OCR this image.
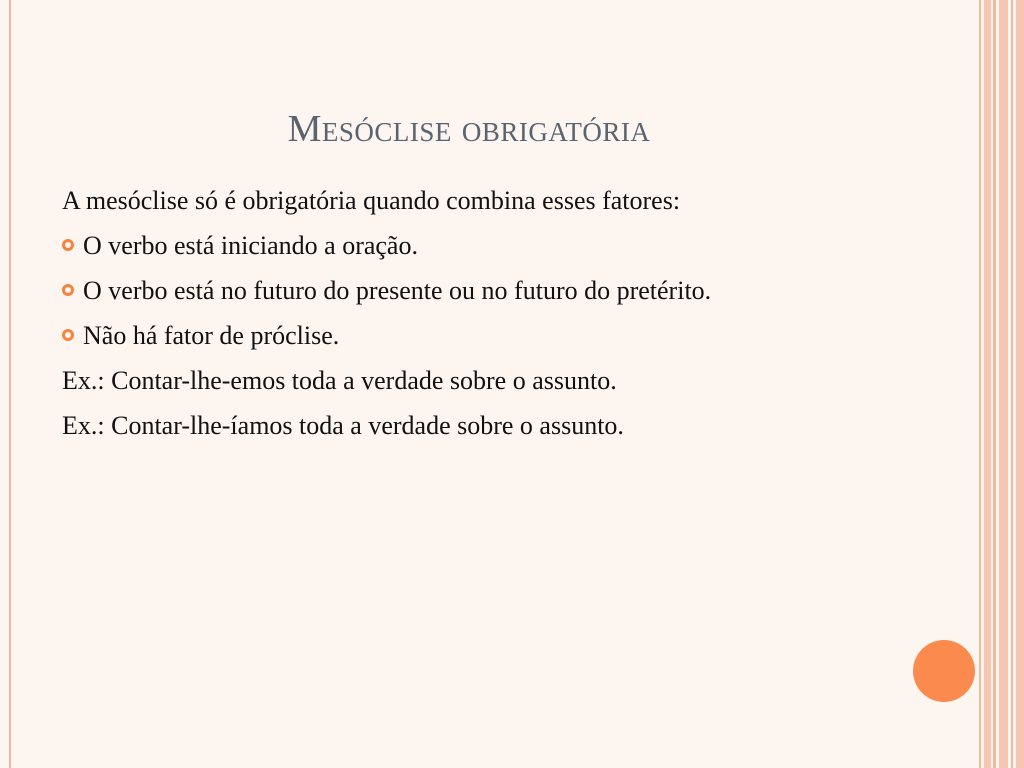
Mesóclise obrigatória

A mesóclise só é obrigatória quando combina esses fatores:

O verbo está iniciando a oração.

O verbo está no futuro do presente ou no futuro do pretérito.

Não há fator de próclise.

Ex.: Contar-lhe-emos toda a verdade sobre o assunto.

Ex.: Contar-lhe-íamos toda a verdade sobre o assunto.
